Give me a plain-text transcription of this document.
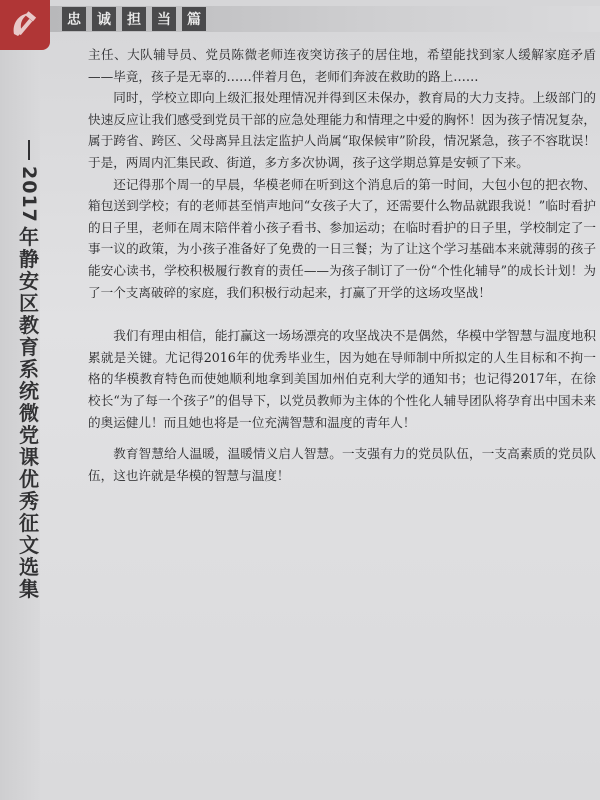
忠	诚	担	当	篇
2017
年
静
安
区
教
育
系
统
微
党
课
优
秀
征
文
选
集

主任、大队辅导员、党员陈微老师连夜突访孩子的居住地，希望能找到家人缓解家庭矛盾——毕竟，孩子是无辜的……伴着月色，老师们奔波在救助的路上……

同时，学校立即向上级汇报处理情况并得到区未保办，教育局的大力支持。上级部门的快速反应让我们感受到党员干部的应急处理能力和情理之中爱的胸怀！因为孩子情况复杂，属于跨省、跨区、父母离异且法定监护人尚属“取保候审”阶段，情况紧急，孩子不容耽误！于是，两周内汇集民政、街道，多方多次协调，孩子这学期总算是安顿了下来。

还记得那个周一的早晨，华模老师在听到这个消息后的第一时间，大包小包的把衣物、箱包送到学校；有的老师甚至悄声地问“女孩子大了，还需要什么物品就跟我说！”临时看护的日子里，老师在周末陪伴着小孩子看书、参加运动；在临时看护的日子里，学校制定了一事一议的政策，为小孩子准备好了免费的一日三餐；为了让这个学习基础本来就薄弱的孩子能安心读书，学校积极履行教育的责任——为孩子制订了一份“个性化辅导”的成长计划！为了一个支离破碎的家庭，我们积极行动起来，打赢了开学的这场攻坚战！

我们有理由相信，能打赢这一场场漂亮的攻坚战决不是偶然，华模中学智慧与温度地积累就是关键。尤记得2016年的优秀毕业生，因为她在导师制中所拟定的人生目标和不拘一格的华模教育特色而使她顺利地拿到美国加州伯克利大学的通知书；也记得2017年，在徐校长“为了每一个孩子”的倡导下，以党员教师为主体的个性化人辅导团队将孕育出中国未来的奥运健儿！而且她也将是一位充满智慧和温度的青年人！

教育智慧给人温暖，温暖情义启人智慧。一支强有力的党员队伍，一支高素质的党员队伍，这也许就是华模的智慧与温度！
